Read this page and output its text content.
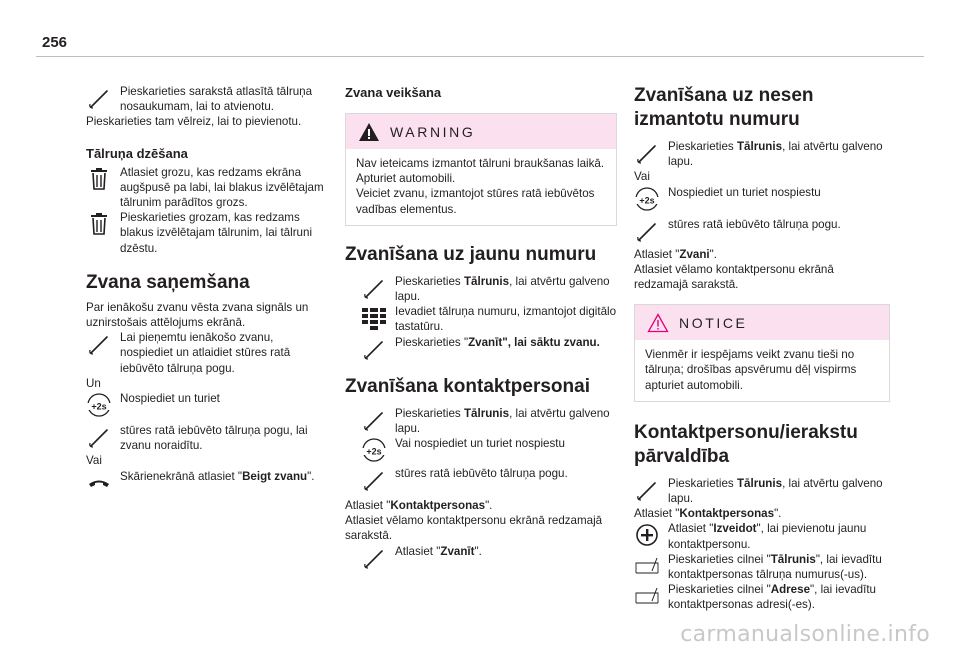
256
Pieskarieties sarakstā atlasītā tālruņa nosaukumam, lai to atvienotu.

Pieskarieties tam vēlreiz, lai to pievienotu.

Tālruņa dzēšana

Atlasiet grozu, kas redzams ekrāna augšpusē pa labi, lai blakus izvēlētajam tālrunim parādītos grozs.
Pieskarieties grozam, kas redzams blakus izvēlētajam tālrunim, lai tālruni dzēstu.

Zvana saņemšana

Par ienākošu zvanu vēsta zvana signāls un uznirstošais attēlojums ekrānā.

Lai pieņemtu ienākošo zvanu, nospiediet un atlaidiet stūres ratā iebūvēto tālruņa pogu.

Un

Nospiediet un turiet
stūres ratā iebūvēto tālruņa pogu, lai zvanu noraidītu.

Vai

Skārienekrānā atlasiet "Beigt zvanu".

Zvana veikšana

WARNING
Nav ieteicams izmantot tālruni braukšanas laikā.
Apturiet automobili.
Veiciet zvanu, izmantojot stūres ratā iebūvētos vadības elementus.

Zvanīšana uz jaunu numuru

Pieskarieties Tālrunis, lai atvērtu galveno lapu.
Ievadiet tālruņa numuru, izmantojot digitālo tastatūru.
Pieskarieties "Zvanīt", lai sāktu zvanu.

Zvanīšana kontaktpersonai

Pieskarieties Tālrunis, lai atvērtu galveno lapu.
Vai nospiediet un turiet nospiestu
stūres ratā iebūvēto tālruņa pogu.

Atlasiet "Kontaktpersonas".

Atlasiet vēlamo kontaktpersonu ekrānā redzamajā sarakstā.

Atlasiet "Zvanīt".

Zvanīšana uz nesen
izmantotu numuru

Pieskarieties Tālrunis, lai atvērtu galveno lapu.

Vai

Nospiediet un turiet nospiestu
stūres ratā iebūvēto tālruņa pogu.

Atlasiet "Zvani".

Atlasiet vēlamo kontaktpersonu ekrānā redzamajā sarakstā.

NOTICE
Vienmēr ir iespējams veikt zvanu tieši no tālruņa; drošības apsvērumu dēļ vispirms apturiet automobili.

Kontaktpersonu/ierakstu
pārvaldība

Pieskarieties Tālrunis, lai atvērtu galveno lapu.

Atlasiet "Kontaktpersonas".

Atlasiet "Izveidot", lai pievienotu jaunu kontaktpersonu.
Pieskarieties cilnei "Tālrunis", lai ievadītu kontaktpersonas tālruņa numurus(-us).
Pieskarieties cilnei "Adrese", lai ievadītu kontaktpersonas adresi(-es).
carmanualsonline.info
